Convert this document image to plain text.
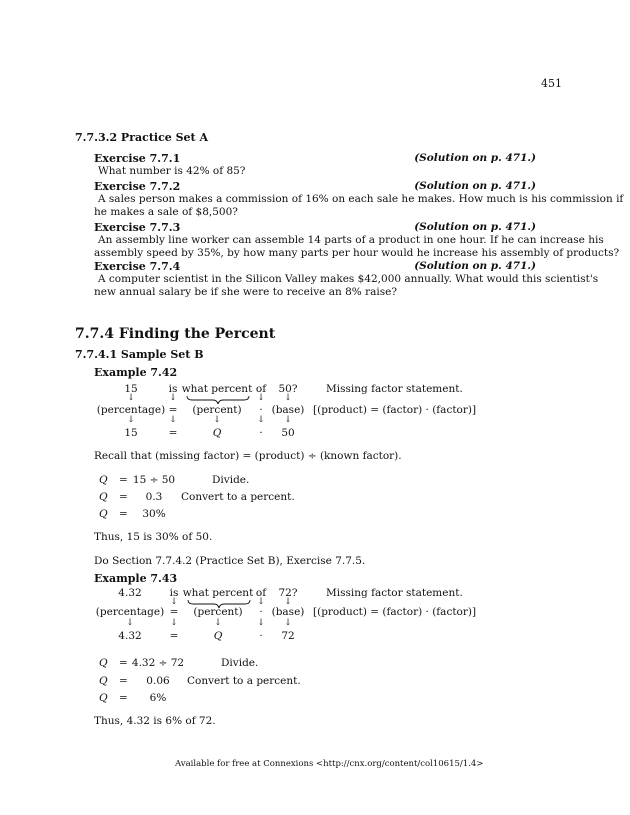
451
7.7.3.2 Practice Set A
Exercise 7.7.1	(Solution on p. 471.)
What number is 42% of 85?
Exercise 7.7.2	(Solution on p. 471.)
A sales person makes a commission of 16% on each sale he makes. How much is his commission if
he makes a sale of $8,500?
Exercise 7.7.3	(Solution on p. 471.)
An assembly line worker can assemble 14 parts of a product in one hour. If he can increase his
assembly speed by 35%, by how many parts per hour would he increase his assembly of products?
Exercise 7.7.4	(Solution on p. 471.)
A computer scientist in the Silicon Valley makes $42,000 annually. What would this scientist's
new annual salary be if she were to receive an 8% raise?
7.7.4 Finding the Percent
7.7.4.1 Sample Set B
Example 7.42
15	is what percent of 50?	Missing factor statement.
↓	↓	↓ ↓
(percentage) = (percent) · (base) [(product) = (factor) · (factor)]
↓	↓	↓	↓ ↓
15	=	Q	· 50
Recall that (missing factor) = (product) ÷ (known factor).
Q = 15 ÷ 50	Divide.
Q = 0.3 Convert to a percent.
Q = 30%
Thus, 15 is 30% of 50.
Do Section 7.7.4.2 (Practice Set B), Exercise 7.7.5.
Example 7.43
4.32	is what percent of 72?	Missing factor statement.
↓	↓ ↓
(percentage) = (percent) · (base) [(product) = (factor) · (factor)]
↓	↓	↓	↓ ↓
4.32	=	Q	· 72
Q = 4.32 ÷ 72	Divide.
Q = 0.06 Convert to a percent.
Q = 6%
Thus, 4.32 is 6% of 72.
Available for free at Connexions <http://cnx.org/content/col10615/1.4>
